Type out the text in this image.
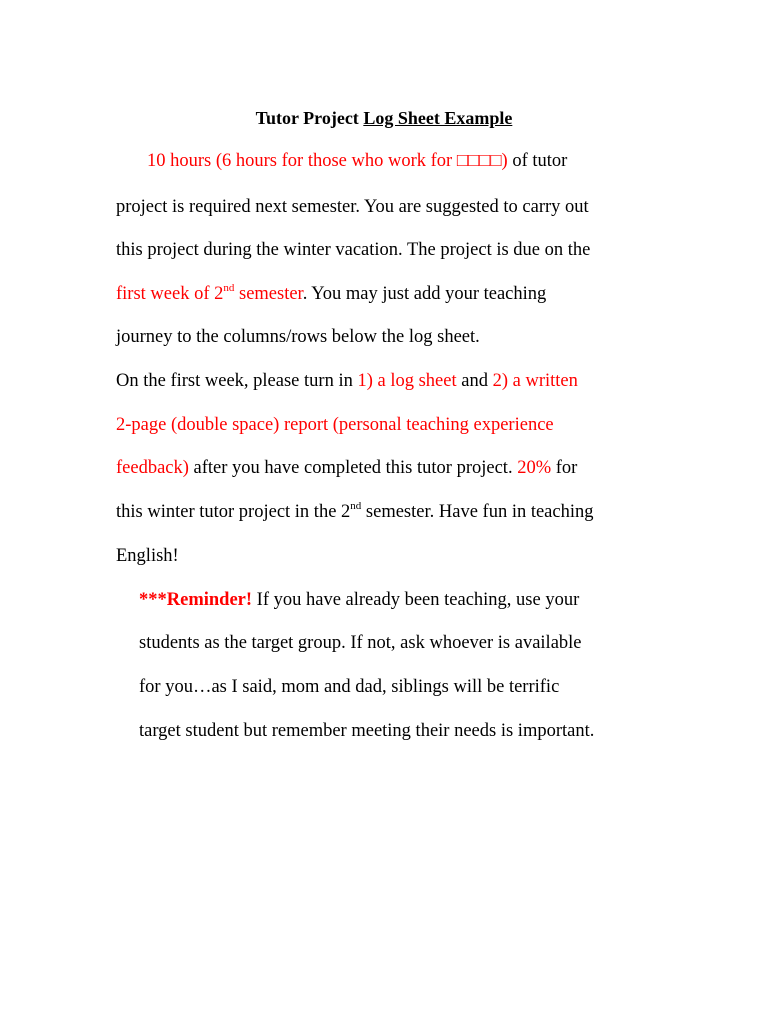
Tutor Project Log Sheet Example
10 hours (6 hours for those who work for □□□□) of tutor
project is required next semester. You are suggested to carry out
this project during the winter vacation. The project is due on the
first week of 2nd semester. You may just add your teaching
journey to the columns/rows below the log sheet.
On the first week, please turn in 1) a log sheet and 2) a written
2-page (double space) report (personal teaching experience
feedback) after you have completed this tutor project. 20% for
this winter tutor project in the 2nd semester. Have fun in teaching
English!
***Reminder! If you have already been teaching, use your
students as the target group. If not, ask whoever is available
for you…as I said, mom and dad, siblings will be terrific
target student but remember meeting their needs is important.
